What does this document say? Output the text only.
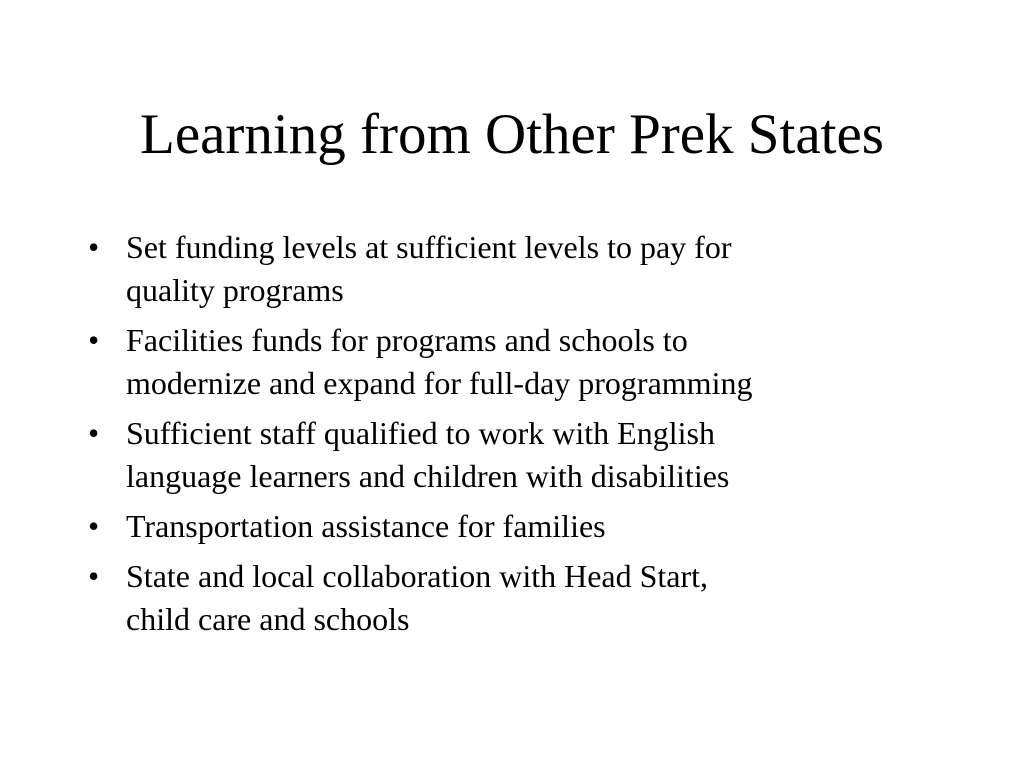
Learning from Other Prek States
• Set funding levels at sufficient levels to pay for
quality programs
• Facilities funds for programs and schools to
modernize and expand for full-day programming
• Sufficient staff qualified to work with English
language learners and children with disabilities
• Transportation assistance for families
• State and local collaboration with Head Start,
child care and schools
